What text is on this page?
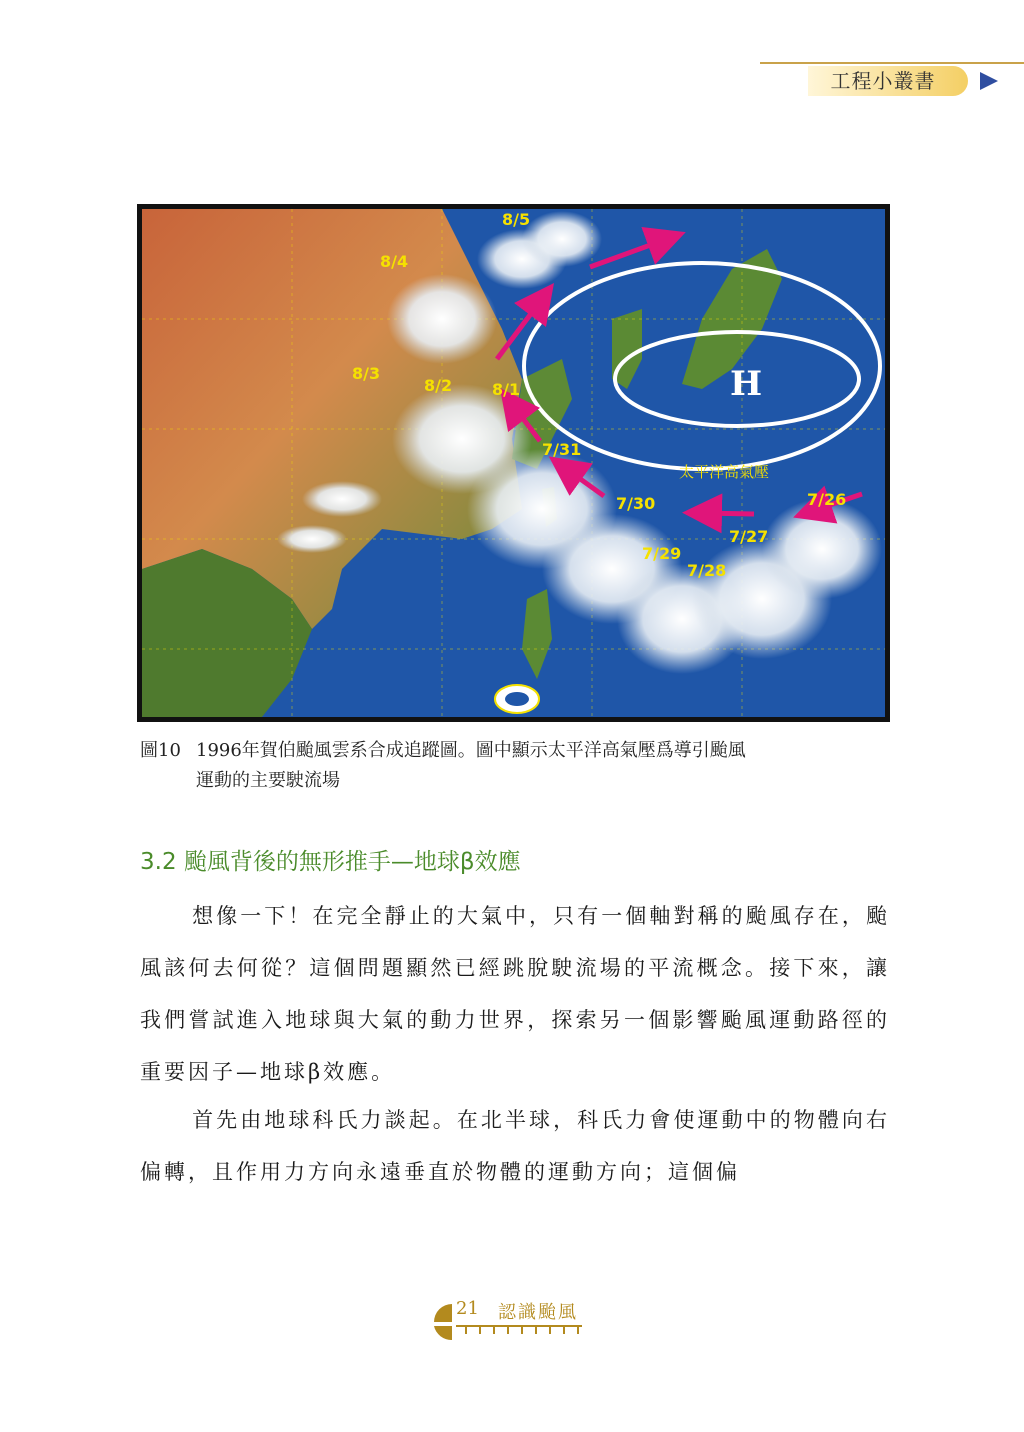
工程小叢書
H
太平洋高氣壓
8/5
8/4
8/3
8/2 8/1
7/31
7/30
7/29
7/28
7/27
7/26
圖10 1996年賀伯颱風雲系合成追蹤圖。圖中顯示太平洋高氣壓爲導引颱風
運動的主要駛流場
3.2 颱風背後的無形推手—地球β效應
想像一下！在完全靜止的大氣中，只有一個軸對稱的颱風存在，颱風該何去何從？這個問題顯然已經跳脫駛流場的平流概念。接下來，讓我們嘗試進入地球與大氣的動力世界，探索另一個影響颱風運動路徑的重要因子—地球β效應。
首先由地球科氏力談起。在北半球，科氏力會使運動中的物體向右偏轉，且作用力方向永遠垂直於物體的運動方向；這個偏
21 認識颱風
